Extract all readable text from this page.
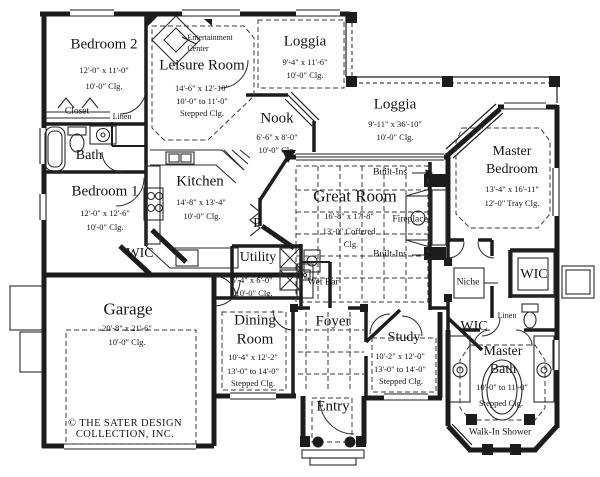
Bedroom 2
12'-0" x 11'-0"
10'-0" Clg.
Entertainment
Center
Leisure Room
14'-6" x 12'-10"
10'-0" to 11'-0"
Stepped Clg.
Loggia
9'-4" x 11'-6"
10'-0" Clg.
Loggia
9'-11" x 36'-10"
10'-0" Clg.
Nook
6'-6" x 8'-0"
10'-0" Clg.
Closet
Linen
Bath
Bedroom 1
12'-0" x 12'-6"
10'-0" Clg.
Kitchen
14'-8" x 13'-4"
10'-0" Clg.
Master
Bedroom
13'-4" x 16'-11"
12'-0" Tray Clg.
Great Room
16'-8" x 17'-8"
13'-0" Coffered
Clg.
Fireplace
Built-Ins
Built-Ins
WIC
P
Utility
6'-4" x 6'-0"
10'-0" Clg.
Wet Bar
Dining
Room
10'-4" x 12'-2"
13'-0" to 14'-0"
Stepped Clg.
Foyer
Study
10'-2" x 12'-0"
13'-0" to 14'-0"
Stepped Clg.
Garage
20'-8" x 21'-6"
10'-0" Clg.
© THE SATER DESIGN
COLLECTION, INC.
Entry
Niche
WIC
Linen
WIC
Master
Bath
10'-0" to 11'-0"
Stepped Clg.
Walk-In Shower
